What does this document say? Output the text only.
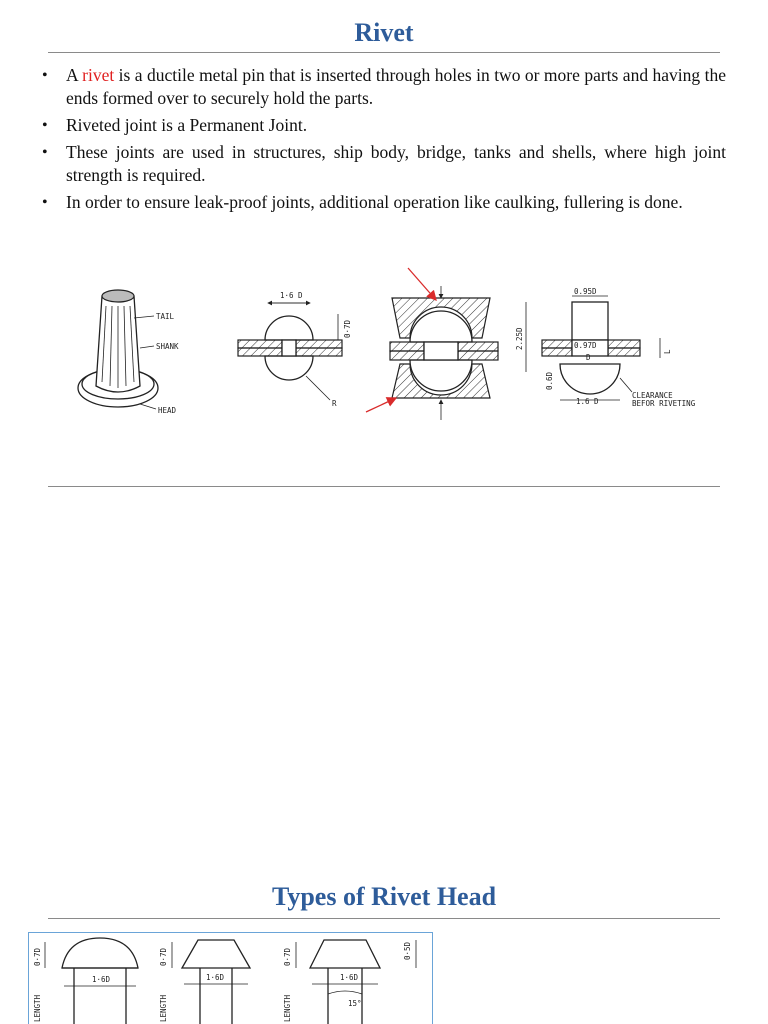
Rivet
• A rivet is a ductile metal pin that is inserted through holes in two or more parts and having the ends formed over to securely hold the parts.
• Riveted joint is a Permanent Joint.
• These joints are used in structures, ship body, bridge, tanks and shells, where high joint strength is required.
• In order to ensure leak-proof joints, additional operation like caulking, fullering is done.
TAIL
SHANK
HEAD
1·6 D
0·7D
R
0.95D
0.97D
D
2.25D
0.6D
1.6 D
L
CLEARANCE
BEFOR RIVETING
Types of Rivet Head
0·7D
1·6D
LENGTH
0·7D
1·6D
LENGTH
0·7D
1·6D
15°
0·5D
LENGTH
